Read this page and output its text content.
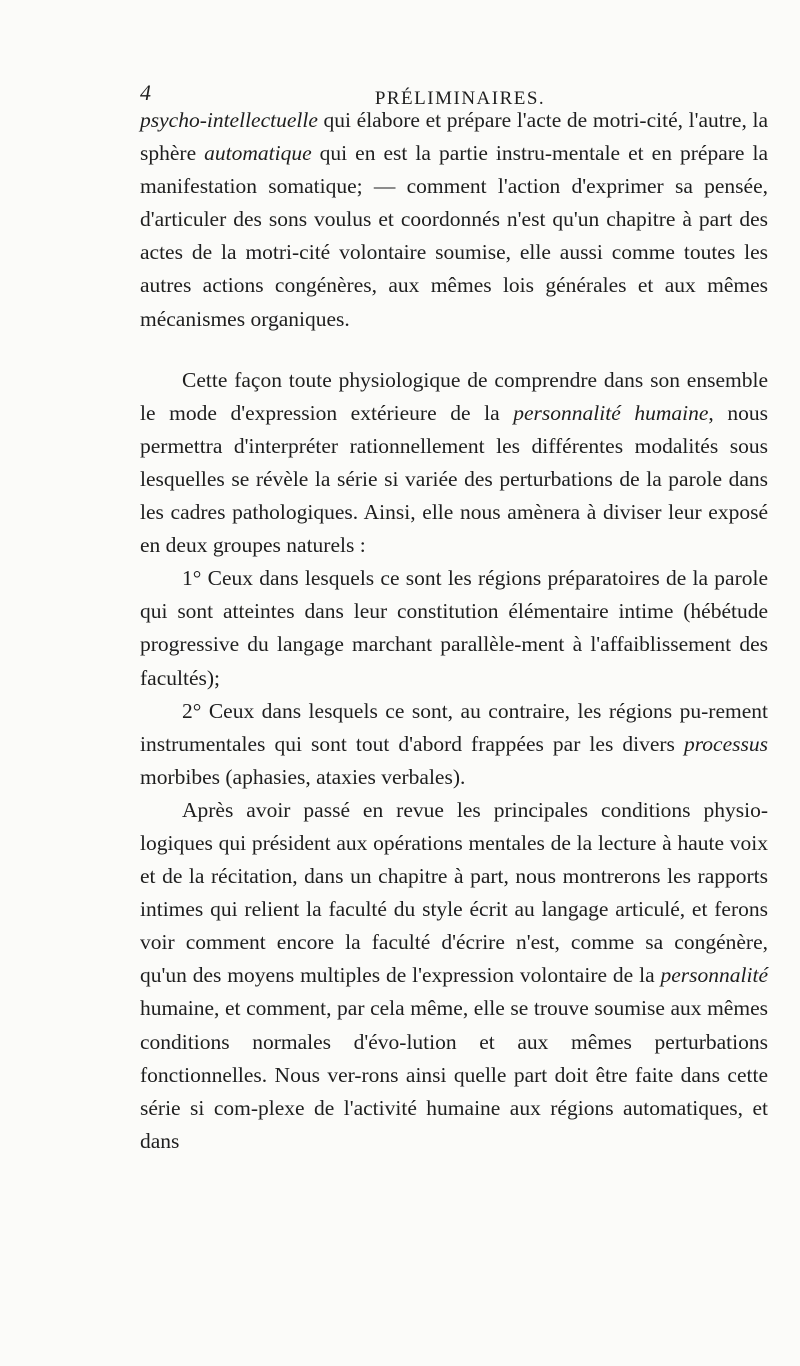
4	PRÉLIMINAIRES.

psycho-intellectuelle qui élabore et prépare l'acte de motri-cité, l'autre, la sphère automatique qui en est la partie instru-mentale et en prépare la manifestation somatique; — comment l'action d'exprimer sa pensée, d'articuler des sons voulus et coordonnés n'est qu'un chapitre à part des actes de la motri-cité volontaire soumise, elle aussi comme toutes les autres actions congénères, aux mêmes lois générales et aux mêmes mécanismes organiques.

Cette façon toute physiologique de comprendre dans son ensemble le mode d'expression extérieure de la personnalité humaine, nous permettra d'interpréter rationnellement les différentes modalités sous lesquelles se révèle la série si variée des perturbations de la parole dans les cadres pathologiques. Ainsi, elle nous amènera à diviser leur exposé en deux groupes naturels :

1° Ceux dans lesquels ce sont les régions préparatoires de la parole qui sont atteintes dans leur constitution élémentaire intime (hébétude progressive du langage marchant parallèle-ment à l'affaiblissement des facultés);

2° Ceux dans lesquels ce sont, au contraire, les régions pu-rement instrumentales qui sont tout d'abord frappées par les divers processus morbibes (aphasies, ataxies verbales).

Après avoir passé en revue les principales conditions physio-logiques qui président aux opérations mentales de la lecture à haute voix et de la récitation, dans un chapitre à part, nous montrerons les rapports intimes qui relient la faculté du style écrit au langage articulé, et ferons voir comment encore la faculté d'écrire n'est, comme sa congénère, qu'un des moyens multiples de l'expression volontaire de la personnalité humaine, et comment, par cela même, elle se trouve soumise aux mêmes conditions normales d'évo-lution et aux mêmes perturbations fonctionnelles. Nous ver-rons ainsi quelle part doit être faite dans cette série si com-plexe de l'activité humaine aux régions automatiques, et dans
